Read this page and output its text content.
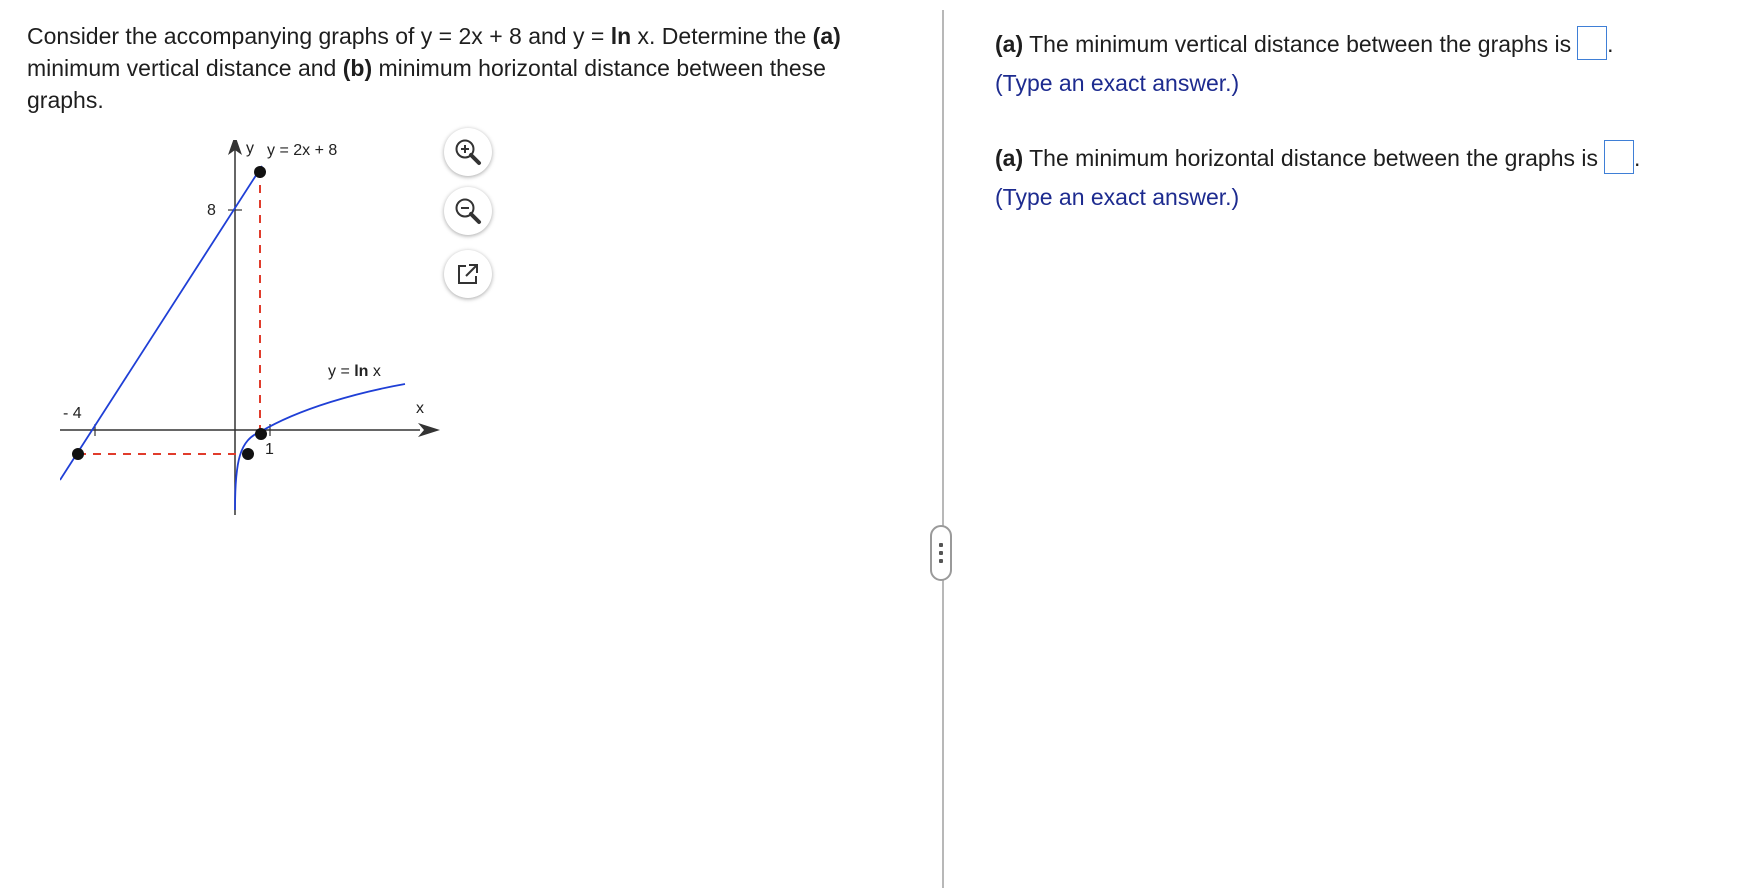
Consider the accompanying graphs of y = 2x + 8 and y = ln x. Determine the (a) minimum vertical distance and (b) minimum horizontal distance between these graphs.
y
x
y = 2x + 8
y = ln x
8
- 4
1
(a) The minimum vertical distance between the graphs is .
(Type an exact answer.)
(a) The minimum horizontal distance between the graphs is .
(Type an exact answer.)
